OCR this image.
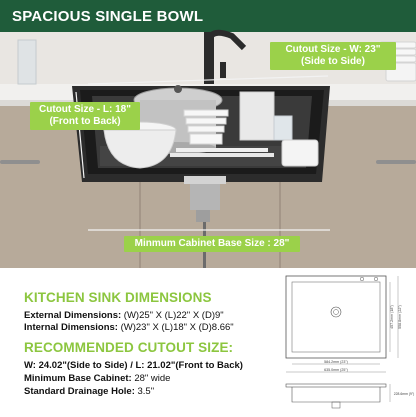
SPACIOUS SINGLE BOWL
Cutout Size - W: 23"
(Side to Side)
Cutout Size - L: 18"
(Front to Back)
Minmum Cabinet Base Size : 28"
KITCHEN SINK DIMENSIONS
External Dimensions: (W)25" X (L)22" X (D)9"
Internal Dimensions: (W)23" X (L)18" X (D)8.66"
RECOMMENDED CUTOUT SIZE:
W: 24.02"(Side to Side) / L: 21.02"(Front to Back)
Minimum Base Cabinet: 28" wide
Standard Drainage Hole: 3.5"
584.2mm (23")
635.0mm (25")
457.2mm (18") 558.8mm (22")
228.6mm (9")
